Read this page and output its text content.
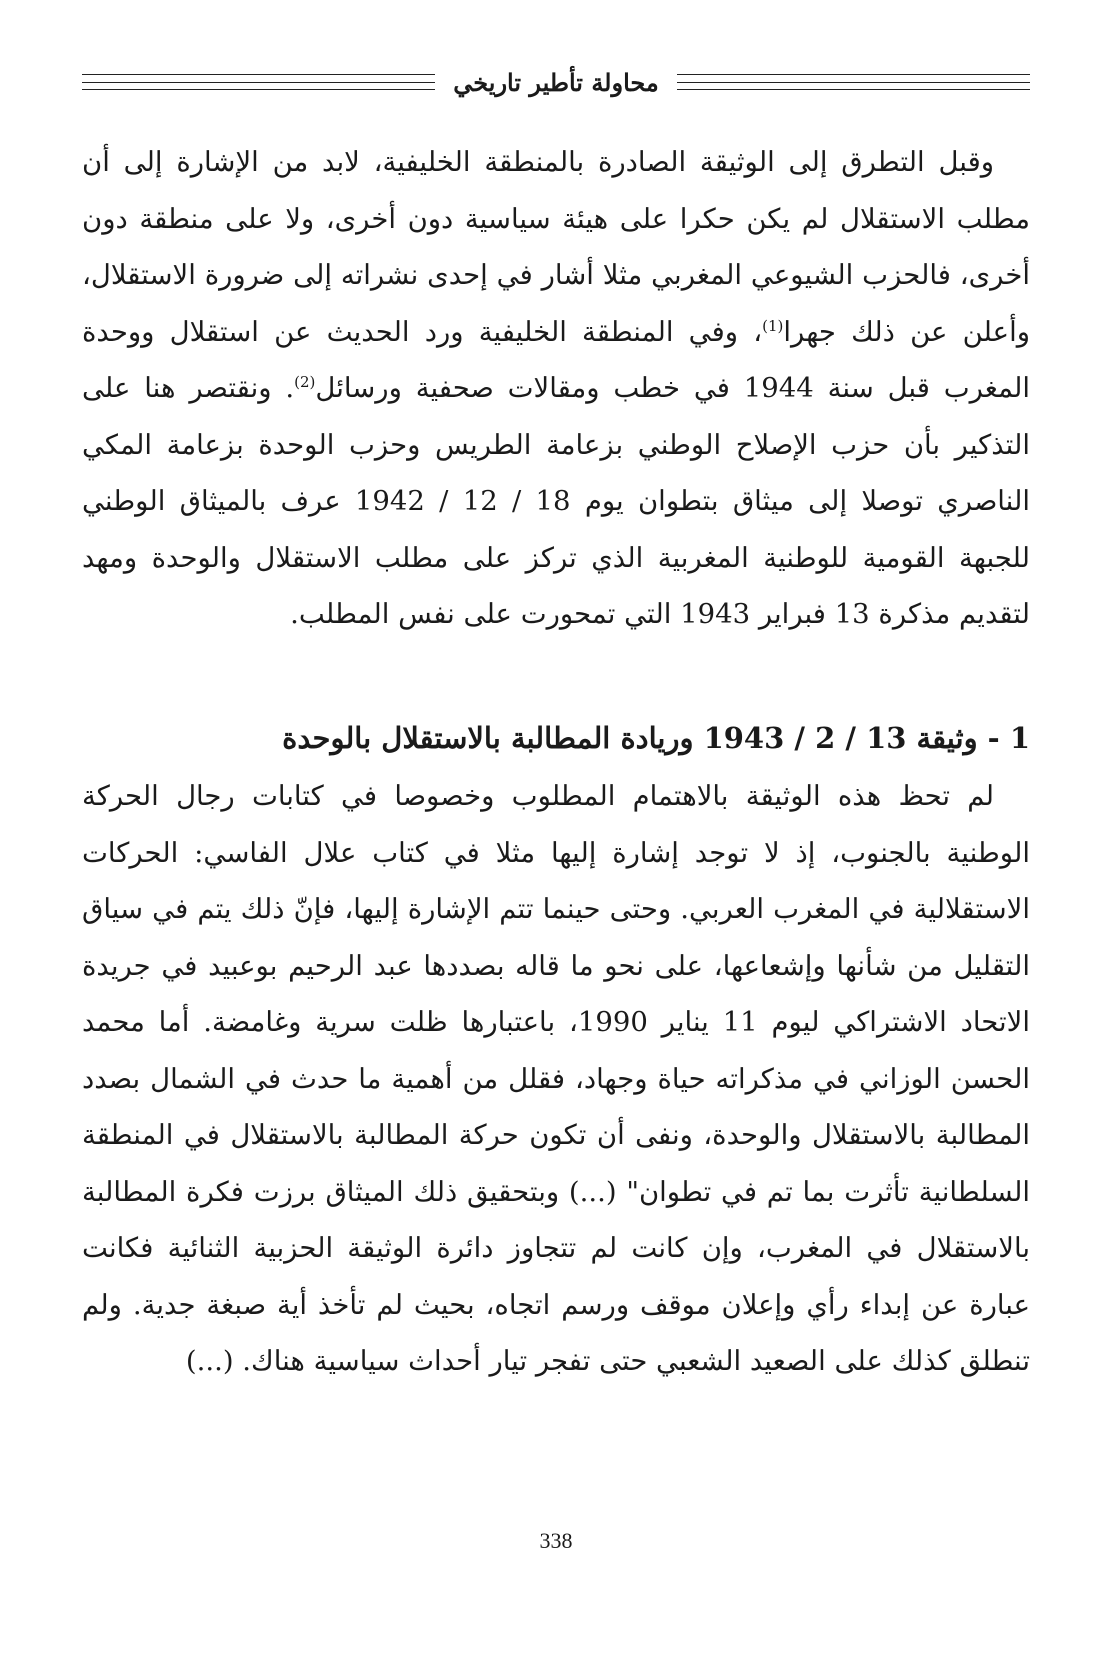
محاولة تأطير تاريخي

وقبل التطرق إلى الوثيقة الصادرة بالمنطقة الخليفية، لابد من الإشارة إلى أن مطلب الاستقلال لم يكن حكرا على هيئة سياسية دون أخرى، ولا على منطقة دون أخرى، فالحزب الشيوعي المغربي مثلا أشار في إحدى نشراته إلى ضرورة الاستقلال، وأعلن عن ذلك جهرا$^{(1)}$، وفي المنطقة الخليفية ورد الحديث عن استقلال ووحدة المغرب قبل سنة 1944 في خطب ومقالات صحفية ورسائل$^{(2)}$. ونقتصر هنا على التذكير بأن حزب الإصلاح الوطني بزعامة الطريس وحزب الوحدة بزعامة المكي الناصري توصلا إلى ميثاق بتطوان يوم 18 / 12 / 1942 عرف بالميثاق الوطني للجبهة القومية للوطنية المغربية الذي تركز على مطلب الاستقلال والوحدة ومهد لتقديم مذكرة 13 فبراير 1943 التي تمحورت على نفس المطلب.

1 - وثيقة 13 / 2 / 1943 وريادة المطالبة بالاستقلال بالوحدة

لم تحظ هذه الوثيقة بالاهتمام المطلوب وخصوصا في كتابات رجال الحركة الوطنية بالجنوب، إذ لا توجد إشارة إليها مثلا في كتاب علال الفاسي: الحركات الاستقلالية في المغرب العربي. وحتى حينما تتم الإشارة إليها، فإنّ ذلك يتم في سياق التقليل من شأنها وإشعاعها، على نحو ما قاله بصددها عبد الرحيم بوعبيد في جريدة الاتحاد الاشتراكي ليوم 11 يناير 1990، باعتبارها ظلت سرية وغامضة. أما محمد الحسن الوزاني في مذكراته حياة وجهاد، فقلل من أهمية ما حدث في الشمال بصدد المطالبة بالاستقلال والوحدة، ونفى أن تكون حركة المطالبة بالاستقلال في المنطقة السلطانية تأثرت بما تم في تطوان" (...) وبتحقيق ذلك الميثاق برزت فكرة المطالبة بالاستقلال في المغرب، وإن كانت لم تتجاوز دائرة الوثيقة الحزبية الثنائية فكانت عبارة عن إبداء رأي وإعلان موقف ورسم اتجاه، بحيث لم تأخذ أية صبغة جدية. ولم تنطلق كذلك على الصعيد الشعبي حتى تفجر تيار أحداث سياسية هناك. (...)

338
